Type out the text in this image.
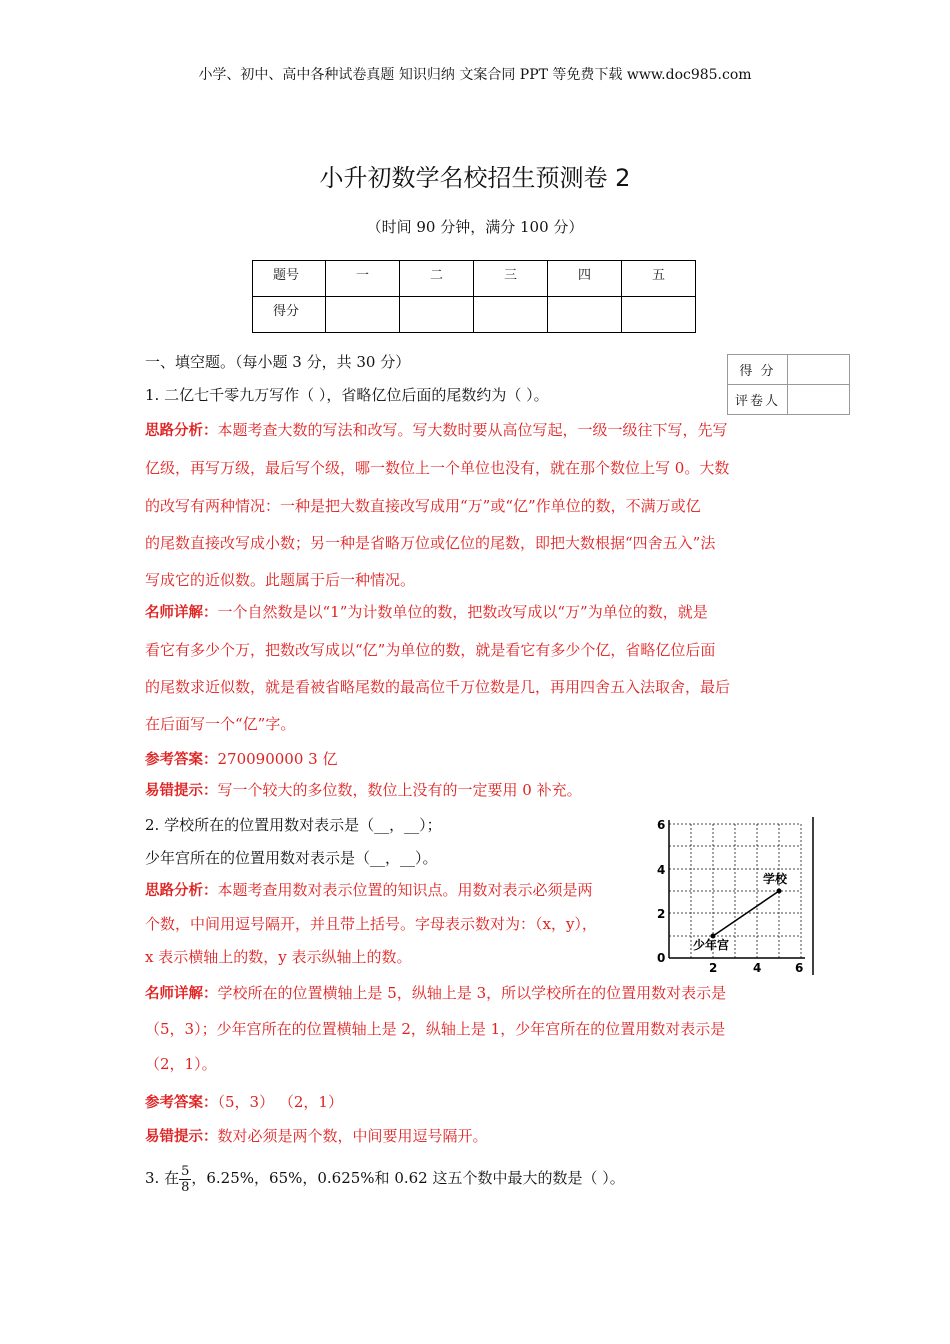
小学、初中、高中各种试卷真题 知识归纳 文案合同 PPT 等免费下载 www.doc985.com
小升初数学名校招生预测卷 2
（时间 90 分钟，满分 100 分）
题号	一	二	三	四	五
得分					
得 分	
评卷人	
一、填空题。（每小题 3 分，共 30 分）
1. 二亿七千零九万写作（ ），省略亿位后面的尾数约为（ ）。
思路分析：本题考查大数的写法和改写。写大数时要从高位写起，一级一级往下写，先写
亿级，再写万级，最后写个级，哪一数位上一个单位也没有，就在那个数位上写 0。大数
的改写有两种情况：一种是把大数直接改写成用“万”或“亿”作单位的数，不满万或亿
的尾数直接改写成小数；另一种是省略万位或亿位的尾数，即把大数根据“四舍五入”法
写成它的近似数。此题属于后一种情况。
名师详解：一个自然数是以“1”为计数单位的数，把数改写成以“万”为单位的数，就是
看它有多少个万，把数改写成以“亿”为单位的数，就是看它有多少个亿，省略亿位后面
的尾数求近似数，就是看被省略尾数的最高位千万位数是几，再用四舍五入法取舍，最后
在后面写一个“亿”字。
参考答案：270090000 3 亿
易错提示：写一个较大的多位数，数位上没有的一定要用 0 补充。
2. 学校所在的位置用数对表示是（__，__）；
少年宫所在的位置用数对表示是（__，__）。
思路分析：本题考查用数对表示位置的知识点。用数对表示必须是两
个数，中间用逗号隔开，并且带上括号。字母表示数对为：（x，y），
x 表示横轴上的数，y 表示纵轴上的数。
名师详解：学校所在的位置横轴上是 5，纵轴上是 3，所以学校所在的位置用数对表示是
（5，3）；少年宫所在的位置横轴上是 2，纵轴上是 1，少年宫所在的位置用数对表示是
（2，1）。
参考答案：（5，3） （2，1）
易错提示：数对必须是两个数，中间要用逗号隔开。
学校
少年宫
6
4
2
0
2	4	6
3. 在 $\frac{5}{8}$ ，6.25%，65%，0.625%和 0.62 这五个数中最大的数是（ ）。
